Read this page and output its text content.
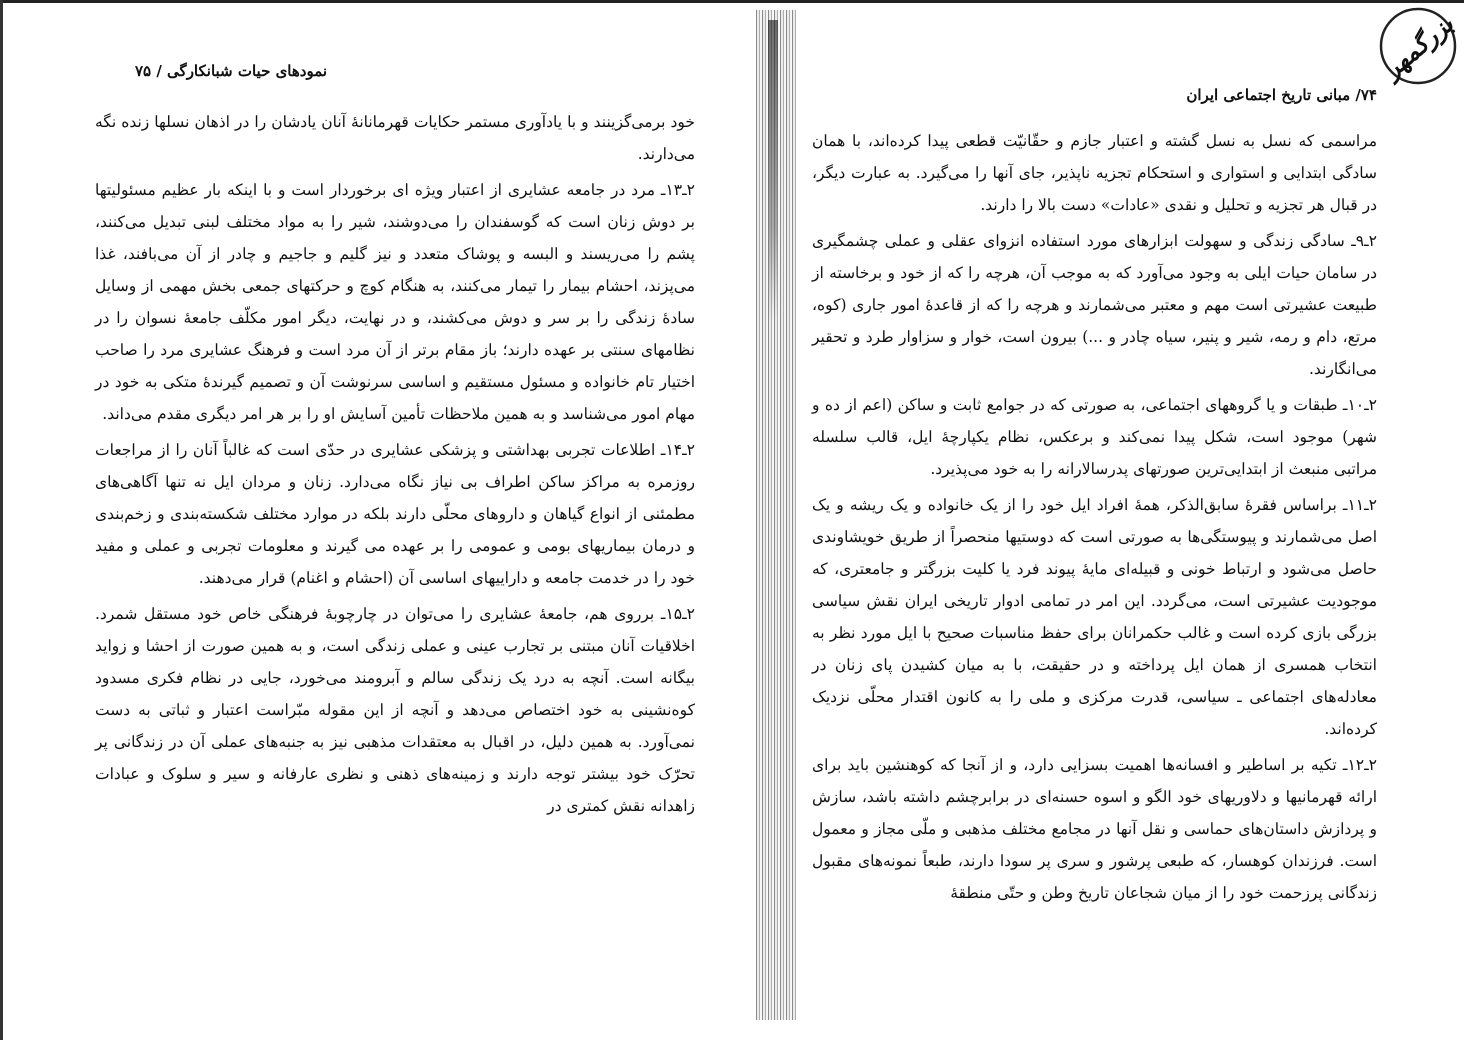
نمودهای حیات شبانکارگی / ۷۵

خود برمی‌گزینند و با یادآوری مستمر حکایات قهرمانانهٔ آنان یادشان را در اذهان نسلها زنده نگه می‌دارند.

۲ـ۱۳ـ مرد در جامعه عشایری از اعتبار ویژه ای برخوردار است و با اینکه بار عظیم مسئولیتها بر دوش زنان است که گوسفندان را می‌دوشند، شیر را به مواد مختلف لبنی تبدیل می‌کنند، پشم را می‌ریسند و البسه و پوشاک متعدد و نیز گلیم و جاجیم و چادر از آن می‌بافند، غذا می‌پزند، احشام بیمار را تیمار می‌کنند، به هنگام کوچ و حرکتهای جمعی بخش مهمی از وسایل سادهٔ زندگی را بر سر و دوش می‌کشند، و در نهایت، دیگر امور مکلّف جامعهٔ نسوان را در نظامهای سنتی بر عهده دارند؛ باز مقام برتر از آن مرد است و فرهنگ عشایری مرد را صاحب اختیار تام خانواده و مسئول مستقیم و اساسی سرنوشت آن و تصمیم گیرندهٔ متکی به خود در مهام امور می‌شناسد و به همین ملاحظات تأمین آسایش او را بر هر امر دیگری مقدم می‌داند.

۲ـ۱۴ـ اطلاعات تجربی بهداشتی و پزشکی عشایری در حدّی است که غالباً آنان را از مراجعات روزمره به مراکز ساکن اطراف بی نیاز نگاه می‌دارد. زنان و مردان ایل نه تنها آگاهی‌های مطمئنی از انواع گیاهان و داروهای محلّی دارند بلکه در موارد مختلف شکسته‌بندی و زخم‌بندی و درمان بیماریهای بومی و عمومی را بر عهده می گیرند و معلومات تجربی و عملی و مفید خود را در خدمت جامعه و داراییهای اساسی آن (احشام و اغنام) قرار می‌دهند.

۲ـ۱۵ـ برروی هم، جامعهٔ عشایری را می‌توان در چارچوبهٔ فرهنگی خاص خود مستقل شمرد. اخلاقیات آنان مبتنی بر تجارب عینی و عملی زندگی است، و به همین صورت از احشا و زواید بیگانه است. آنچه به درد یک زندگی سالم و آبرومند می‌خورد، جایی در نظام فکری مسدود کوه‌نشینی به خود اختصاص می‌دهد و آنچه از این مقوله مبّراست اعتبار و ثباتی به دست نمی‌آورد. به همین دلیل، در اقبال به معتقدات مذهبی نیز به جنبه‌های عملی آن در زندگانی پر تحرّک خود بیشتر توجه دارند و زمینه‌های ذهنی و نظری عارفانه و سیر و سلوک و عبادات زاهدانه نقش کمتری در

۷۴/ مبانی تاریخ اجتماعی ایران

مراسمی که نسل به نسل گشته و اعتبار جازم و حقّانیّت قطعی پیدا کرده‌اند، با همان سادگی ابتدایی و استواری و استحکام تجزیه ناپذیر، جای آنها را می‌گیرد. به عبارت دیگر، در قبال هر تجزیه و تحلیل و نقدی «عادات» دست بالا را دارند.

۲ـ۹ـ سادگی زندگی و سهولت ابزارهای مورد استفاده انزوای عقلی و عملی چشمگیری در سامان حیات ایلی به وجود می‌آورد که به موجب آن، هرچه را که از خود و برخاسته از طبیعت عشیرتی است مهم و معتبر می‌شمارند و هرچه را که از قاعدهٔ امور جاری (کوه، مرتع، دام و رمه، شیر و پنیر، سیاه چادر و ...) بیرون است، خوار و سزاوار طرد و تحقیر می‌انگارند.

۲ـ۱۰ـ طبقات و یا گروههای اجتماعی، به صورتی که در جوامع ثابت و ساکن (اعم از ده و شهر) موجود است، شکل پیدا نمی‌کند و برعکس، نظام یکپارچهٔ ایل، قالب سلسله مراتبی منبعث از ابتدایی‌ترین صورتهای پدرسالارانه را به خود می‌پذیرد.

۲ـ۱۱ـ براساس فقرهٔ سابق‌الذکر، همهٔ افراد ایل خود را از یک خانواده و یک ریشه و یک اصل می‌شمارند و پیوستگی‌ها به صورتی است که دوستیها منحصراً از طریق خویشاوندی حاصل می‌شود و ارتباط خونی و قبیله‌ای مایهٔ پیوند فرد یا کلیت بزرگتر و جامعتری، که موجودیت عشیرتی است، می‌گردد. این امر در تمامی ادوار تاریخی ایران نقش سیاسی بزرگی بازی کرده است و غالب حکمرانان برای حفظ مناسبات صحیح با ایل مورد نظر به انتخاب همسری از همان ایل پرداخته و در حقیقت، با به میان کشیدن پای زنان در معادله‌های اجتماعی ـ سیاسی، قدرت مرکزی و ملی را به کانون اقتدار محلّی نزدیک کرده‌اند.

۲ـ۱۲ـ تکیه بر اساطیر و افسانه‌ها اهمیت بسزایی دارد، و از آنجا که کوهنشین باید برای ارائه قهرمانیها و دلاوریهای خود الگو و اسوه حسنه‌ای در برابرچشم داشته باشد، سازش و پردازش داستان‌های حماسی و نقل آنها در مجامع مختلف مذهبی و ملّی مجاز و معمول است. فرزندان کوهسار، که طبعی پرشور و سری پر سودا دارند، طبعاً نمونه‌های مقبول زندگانی پرزحمت خود را از میان شجاعان تاریخ وطن و حتّی منطقهٔ

بزرگمهر
